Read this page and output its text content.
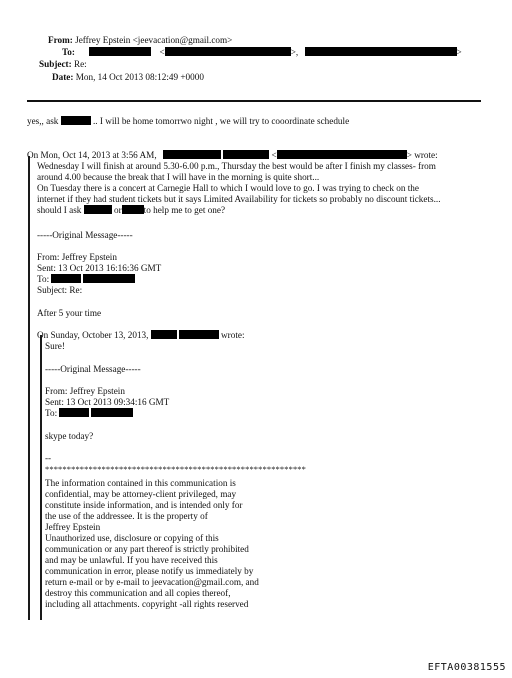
From: Jeffrey Epstein <jeevacation@gmail.com>
To:	<	>,	>
Subject: Re:
Date: Mon, 14 Oct 2013 08:12:49 +0000
yes,, ask	.. I will be home tomorrwo night , we will try to cooordinate schedule
On Mon, Oct 14, 2013 at 3:56 AM,	<	> wrote:
Wednesday I will finish at around 5.30-6.00 p.m., Thursday the best would be after I finish my classes- from
around 4.00 because the break that I will have in the morning is quite short...
On Tuesday there is a concert at Carnegie Hall to which I would love to go. I was trying to check on the
internet if they had student tickets but it says Limited Availability for tickets so probably no discount tickets...
should I ask	or to help me to get one?
-----Original Message-----
From: Jeffrey Epstein
Sent: 13 Oct 2013 16:16:36 GMT
To:
Subject: Re:
After 5 your time
On Sunday, October 13, 2013,	wrote:
Sure!
-----Original Message-----
From: Jeffrey Epstein
Sent: 13 Oct 2013 09:34:16 GMT
To:
skype today?
--
************************************************************
The information contained in this communication is
confidential, may be attorney-client privileged, may
constitute inside information, and is intended only for
the use of the addressee. It is the property of
Jeffrey Epstein
Unauthorized use, disclosure or copying of this
communication or any part thereof is strictly prohibited
and may be unlawful. If you have received this
communication in error, please notify us immediately by
return e-mail or by e-mail to jeevacation@gmail.com, and
destroy this communication and all copies thereof,
including all attachments. copyright -all rights reserved
EFTA00381555
